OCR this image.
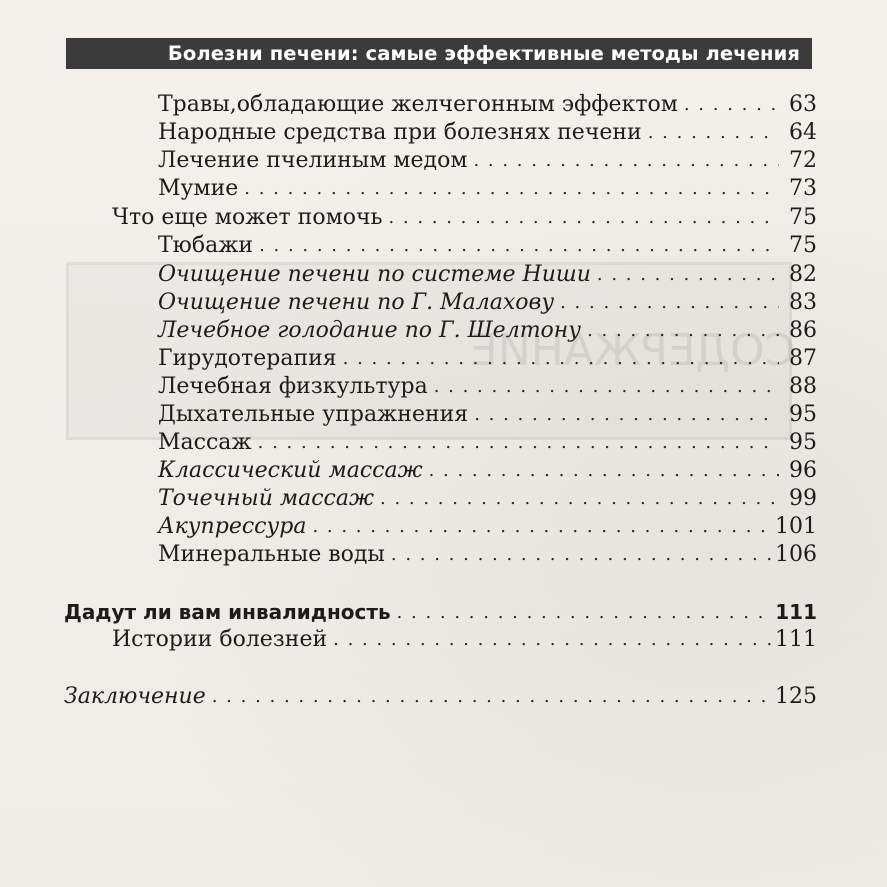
СОДЕРЖАНИЕ
Болезни печени: самые эффективные методы лечения
Травы,обладающие желчегонным эффектом . . .	63
Народные средства при болезнях печени . . .	64
Лечение пчелиным медом . . .	72
Мумие . . .	73
Что еще может помочь . . .	75
Тюбажи . . .	75
Очищение печени по системе Ниши . . .	82
Очищение печени по Г. Малахову . . .	83
Лечебное голодание по Г. Шелтону . . .	86
Гирудотерапия . . .	87
Лечебная физкультура . . .	88
Дыхательные упражнения . . .	95
Массаж . . .	95
Классический массаж . . .	96
Точечный массаж . . .	99
Акупрессура . . .	101
Минеральные воды . . .	106
Дадут ли вам инвалидность . . .	111
Истории болезней . . .	111
Заключение . . .	125
